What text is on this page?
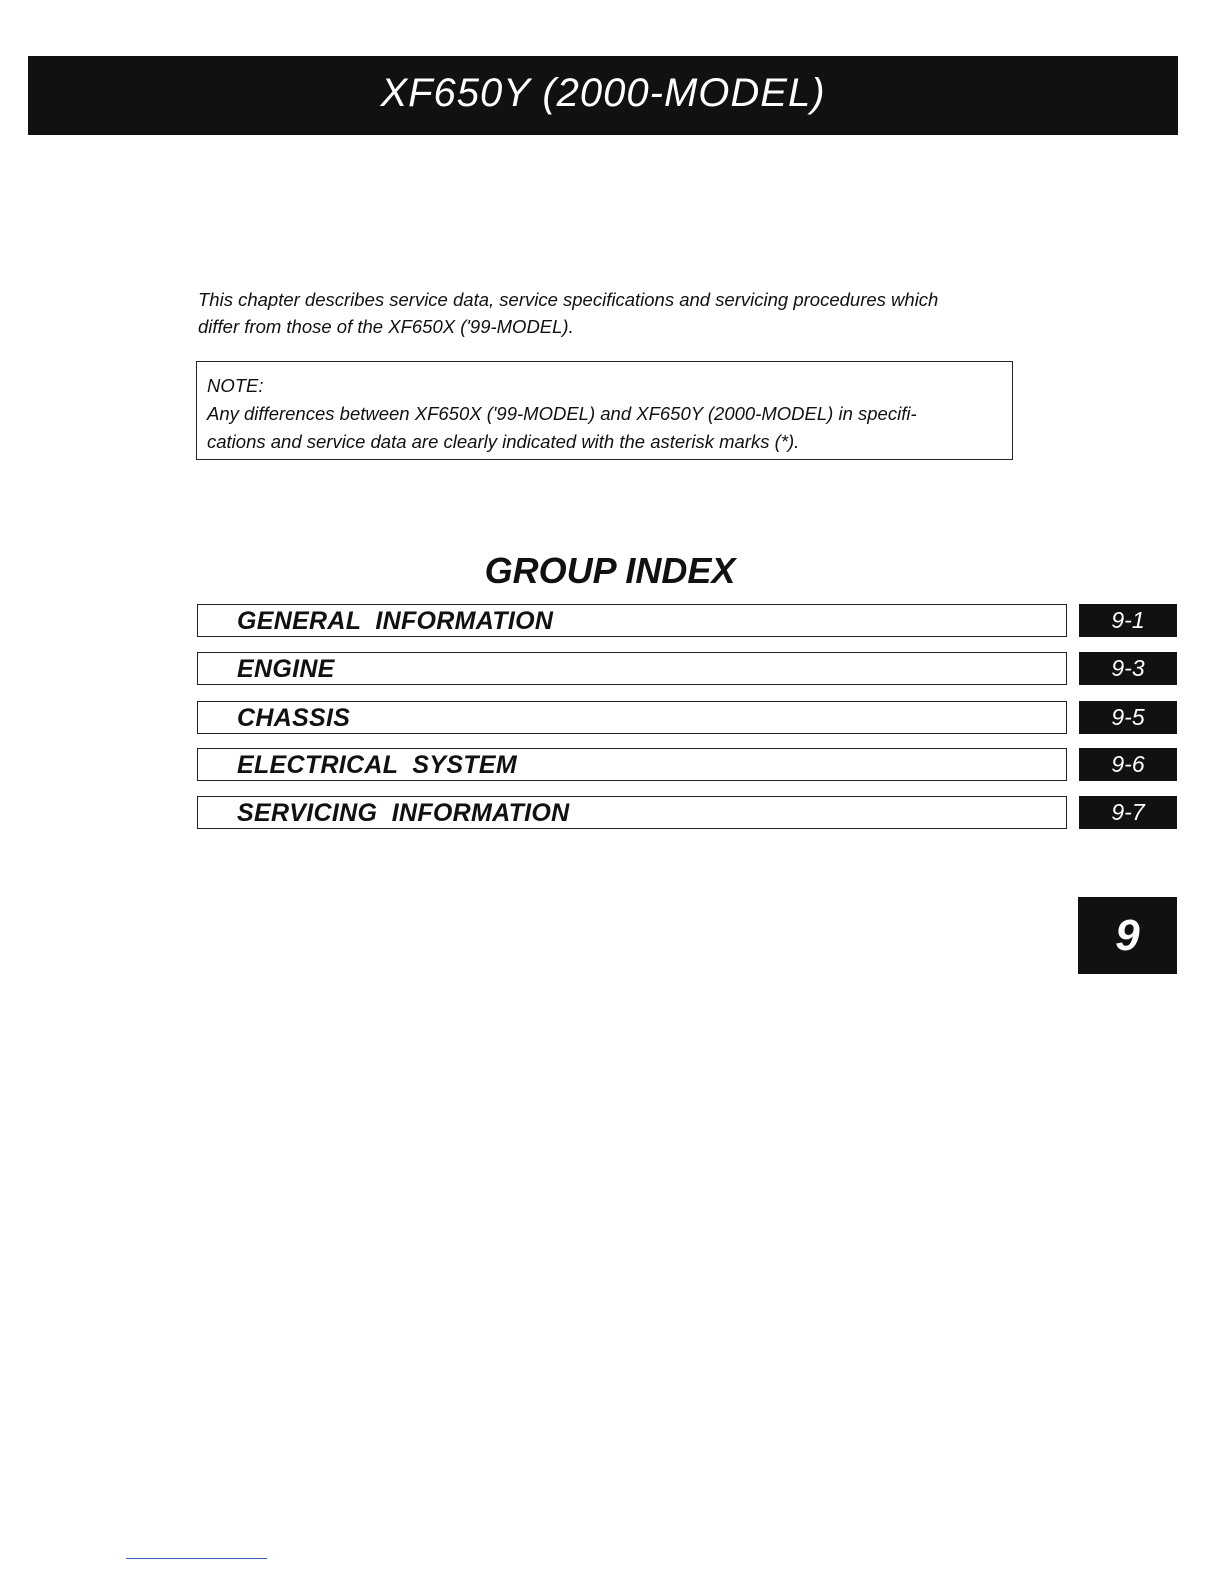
XF650Y (2000-MODEL)
This chapter describes service data, service specifications and servicing procedures which
differ from those of the XF650X ('99-MODEL).
NOTE:
Any differences between XF650X ('99-MODEL) and XF650Y (2000-MODEL) in specifi-
cations and service data are clearly indicated with the asterisk marks (*).
GROUP INDEX
GENERAL  INFORMATION	9-1
ENGINE	9-3
CHASSIS	9-5
ELECTRICAL  SYSTEM	9-6
SERVICING  INFORMATION	9-7
9
